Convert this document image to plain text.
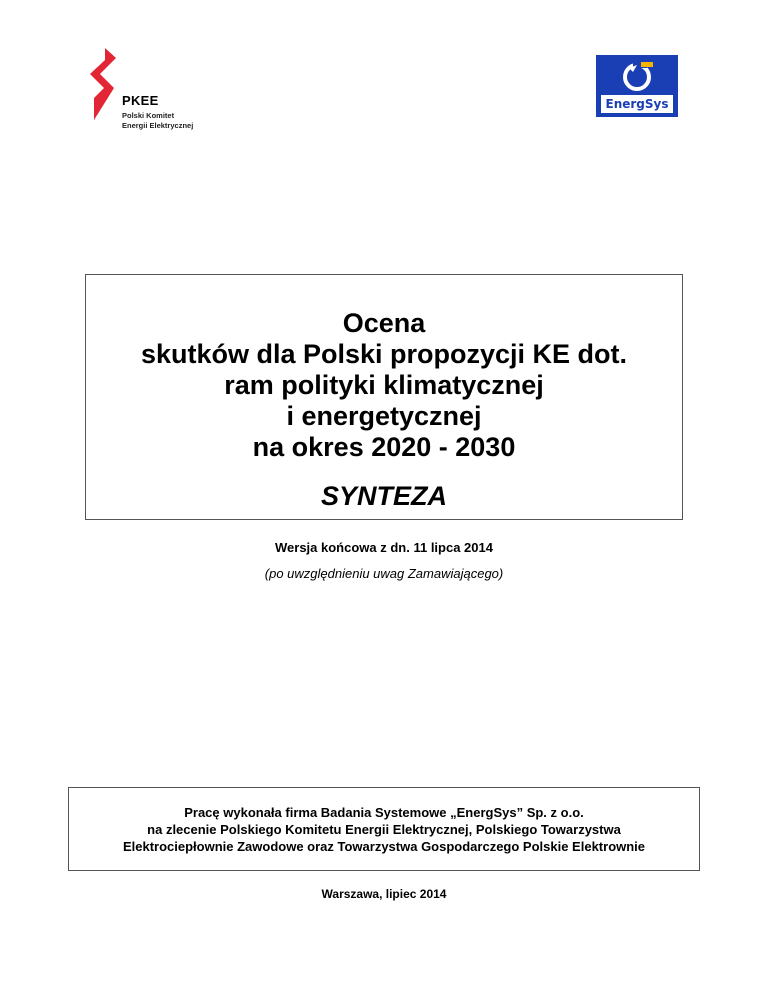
PKEE
Polski Komitet
Energii Elektrycznej
EnergSys
Ocena
skutków dla Polski propozycji KE dot.
ram polityki klimatycznej
i energetycznej
na okres 2020 - 2030
SYNTEZA
Wersja końcowa z dn. 11 lipca 2014
(po uwzględnieniu uwag Zamawiającego)
Pracę wykonała firma Badania Systemowe „EnergSys” Sp. z o.o.
na zlecenie Polskiego Komitetu Energii Elektrycznej, Polskiego Towarzystwa
Elektrociepłownie Zawodowe oraz Towarzystwa Gospodarczego Polskie Elektrownie
Warszawa, lipiec 2014
